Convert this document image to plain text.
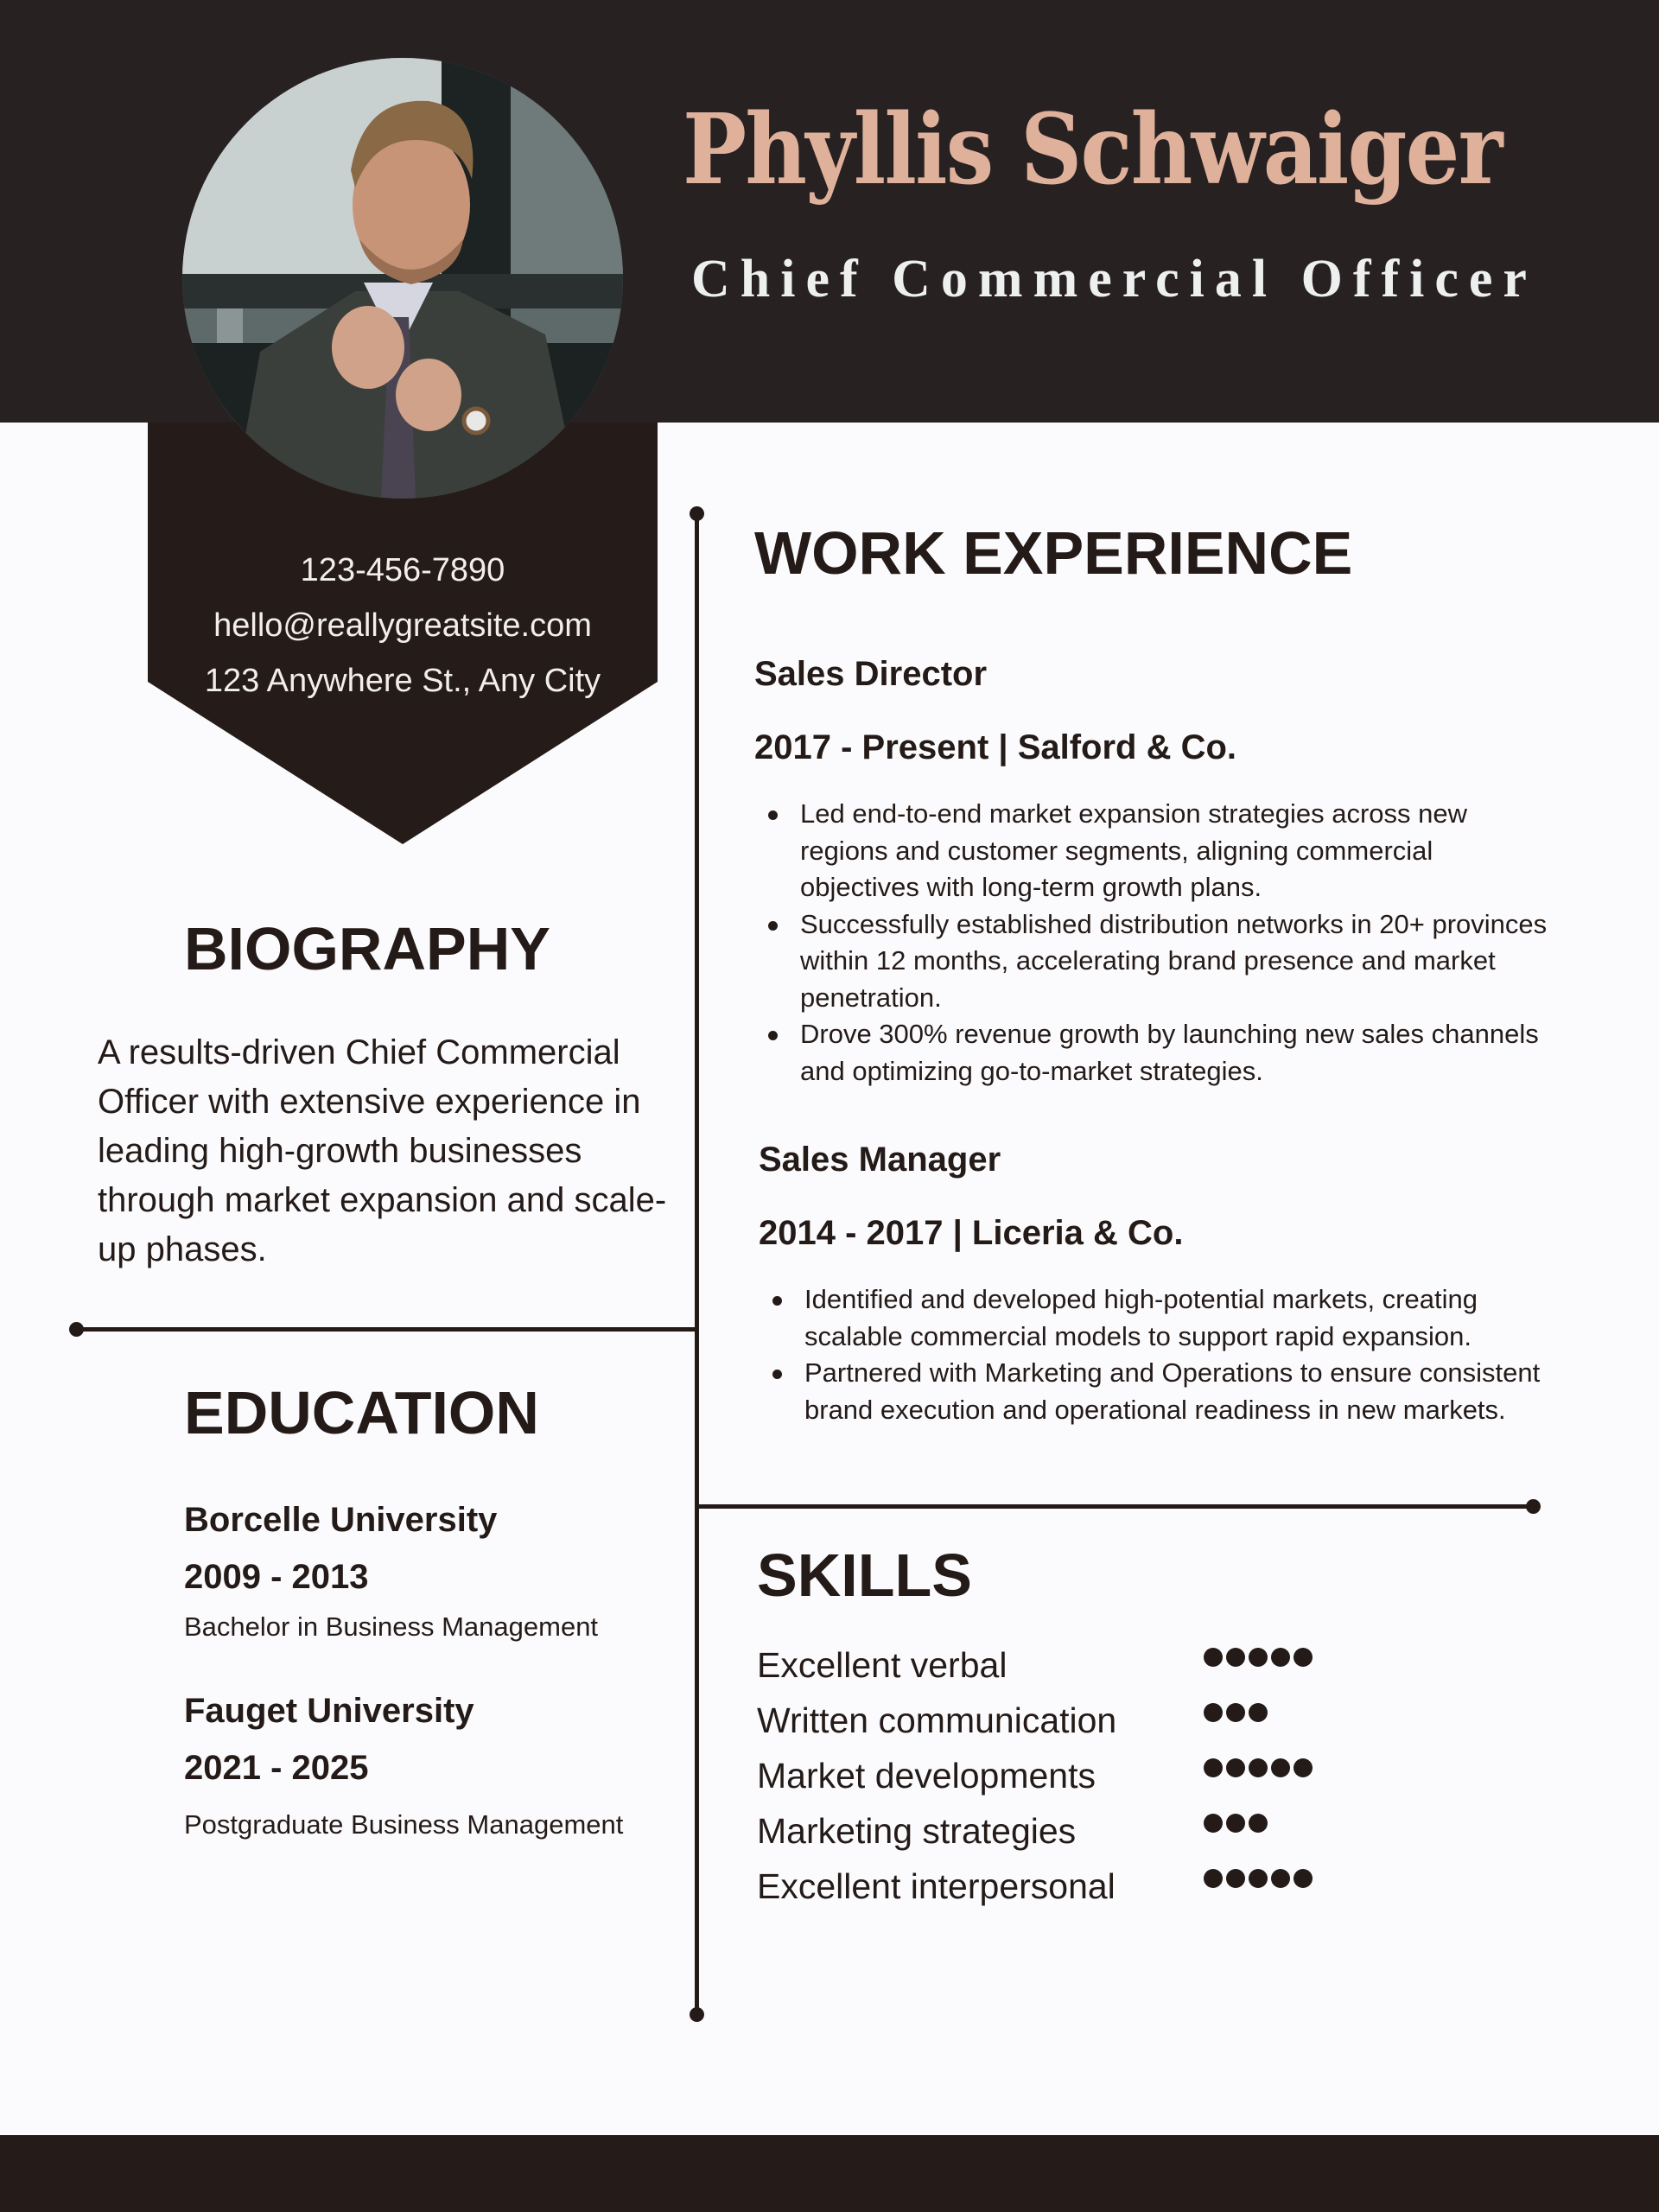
Phyllis Schwaiger
Chief Commercial Officer
123-456-7890
hello@reallygreatsite.com
123 Anywhere St., Any City
BIOGRAPHY
A results-driven Chief Commercial Officer with extensive experience in leading high-growth businesses through market expansion and scale-up phases.
EDUCATION
Borcelle University
2009 - 2013
Bachelor in Business Management
Fauget University
2021 - 2025
Postgraduate Business Management
WORK EXPERIENCE
Sales Director
2017 - Present | Salford & Co.
Led end-to-end market expansion strategies across new regions and customer segments, aligning commercial objectives with long-term growth plans.
Successfully established distribution networks in 20+ provinces within 12 months, accelerating brand presence and market penetration.
Drove 300% revenue growth by launching new sales channels and optimizing go-to-market strategies.
Sales Manager
2014 - 2017 | Liceria & Co.
Identified and developed high-potential markets, creating scalable commercial models to support rapid expansion.
Partnered with Marketing and Operations to ensure consistent brand execution and operational readiness in new markets.
SKILLS
Excellent verbal
Written communication
Market developments
Marketing strategies
Excellent interpersonal
